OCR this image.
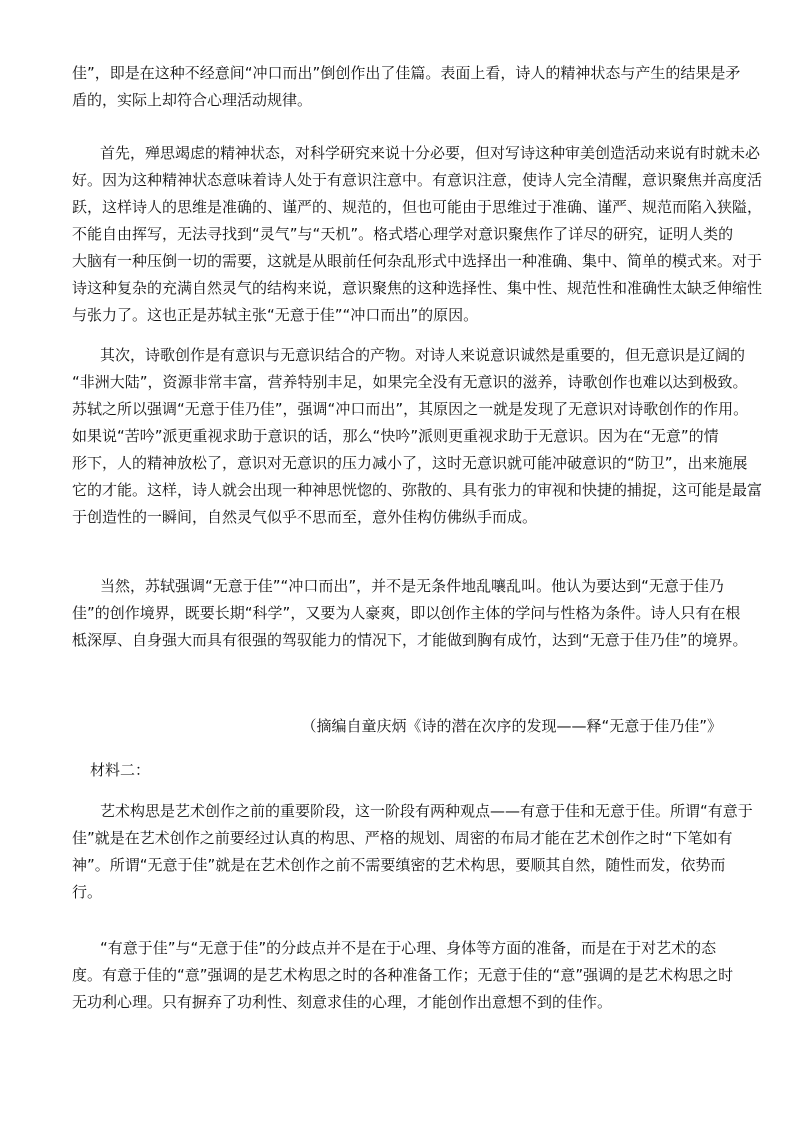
佳”，即是在这种不经意间“冲口而出”倒创作出了佳篇。表面上看，诗人的精神状态与产生的结果是矛
盾的，实际上却符合心理活动规律。
首先，殚思竭虑的精神状态，对科学研究来说十分必要，但对写诗这种审美创造活动来说有时就未必
好。因为这种精神状态意味着诗人处于有意识注意中。有意识注意，使诗人完全清醒，意识聚焦并高度活
跃，这样诗人的思维是准确的、谨严的、规范的，但也可能由于思维过于准确、谨严、规范而陷入狭隘，
不能自由挥写，无法寻找到“灵气”与“天机”。格式塔心理学对意识聚焦作了详尽的研究，证明人类的
大脑有一种压倒一切的需要，这就是从眼前任何杂乱形式中选择出一种准确、集中、简单的模式来。对于
诗这种复杂的充满自然灵气的结构来说，意识聚焦的这种选择性、集中性、规范性和准确性太缺乏伸缩性
与张力了。这也正是苏轼主张“无意于佳”“冲口而出”的原因。
其次，诗歌创作是有意识与无意识结合的产物。对诗人来说意识诚然是重要的，但无意识是辽阔的
“非洲大陆”，资源非常丰富，营养特别丰足，如果完全没有无意识的滋养，诗歌创作也难以达到极致。
苏轼之所以强调“无意于佳乃佳”，强调“冲口而出”，其原因之一就是发现了无意识对诗歌创作的作用。
如果说“苦吟”派更重视求助于意识的话，那么“快吟”派则更重视求助于无意识。因为在“无意”的情
形下，人的精神放松了，意识对无意识的压力减小了，这时无意识就可能冲破意识的“防卫”，出来施展
它的才能。这样，诗人就会出现一种神思恍惚的、弥散的、具有张力的审视和快捷的捕捉，这可能是最富
于创造性的一瞬间，自然灵气似乎不思而至，意外佳构仿佛纵手而成。
当然，苏轼强调“无意于佳”“冲口而出”，并不是无条件地乱嚷乱叫。他认为要达到“无意于佳乃
佳”的创作境界，既要长期“科学”，又要为人豪爽，即以创作主体的学问与性格为条件。诗人只有在根
柢深厚、自身强大而具有很强的驾驭能力的情况下，才能做到胸有成竹，达到“无意于佳乃佳”的境界。
（摘编自童庆炳《诗的潜在次序的发现——释“无意于佳乃佳”》
材料二：
艺术构思是艺术创作之前的重要阶段，这一阶段有两种观点——有意于佳和无意于佳。所谓“有意于
佳”就是在艺术创作之前要经过认真的构思、严格的规划、周密的布局才能在艺术创作之时“下笔如有
神”。所谓“无意于佳”就是在艺术创作之前不需要缜密的艺术构思，要顺其自然，随性而发，依势而
行。
“有意于佳”与“无意于佳”的分歧点并不是在于心理、身体等方面的准备，而是在于对艺术的态
度。有意于佳的“意”强调的是艺术构思之时的各种准备工作；无意于佳的“意”强调的是艺术构思之时
无功利心理。只有摒弃了功利性、刻意求佳的心理，才能创作出意想不到的佳作。
